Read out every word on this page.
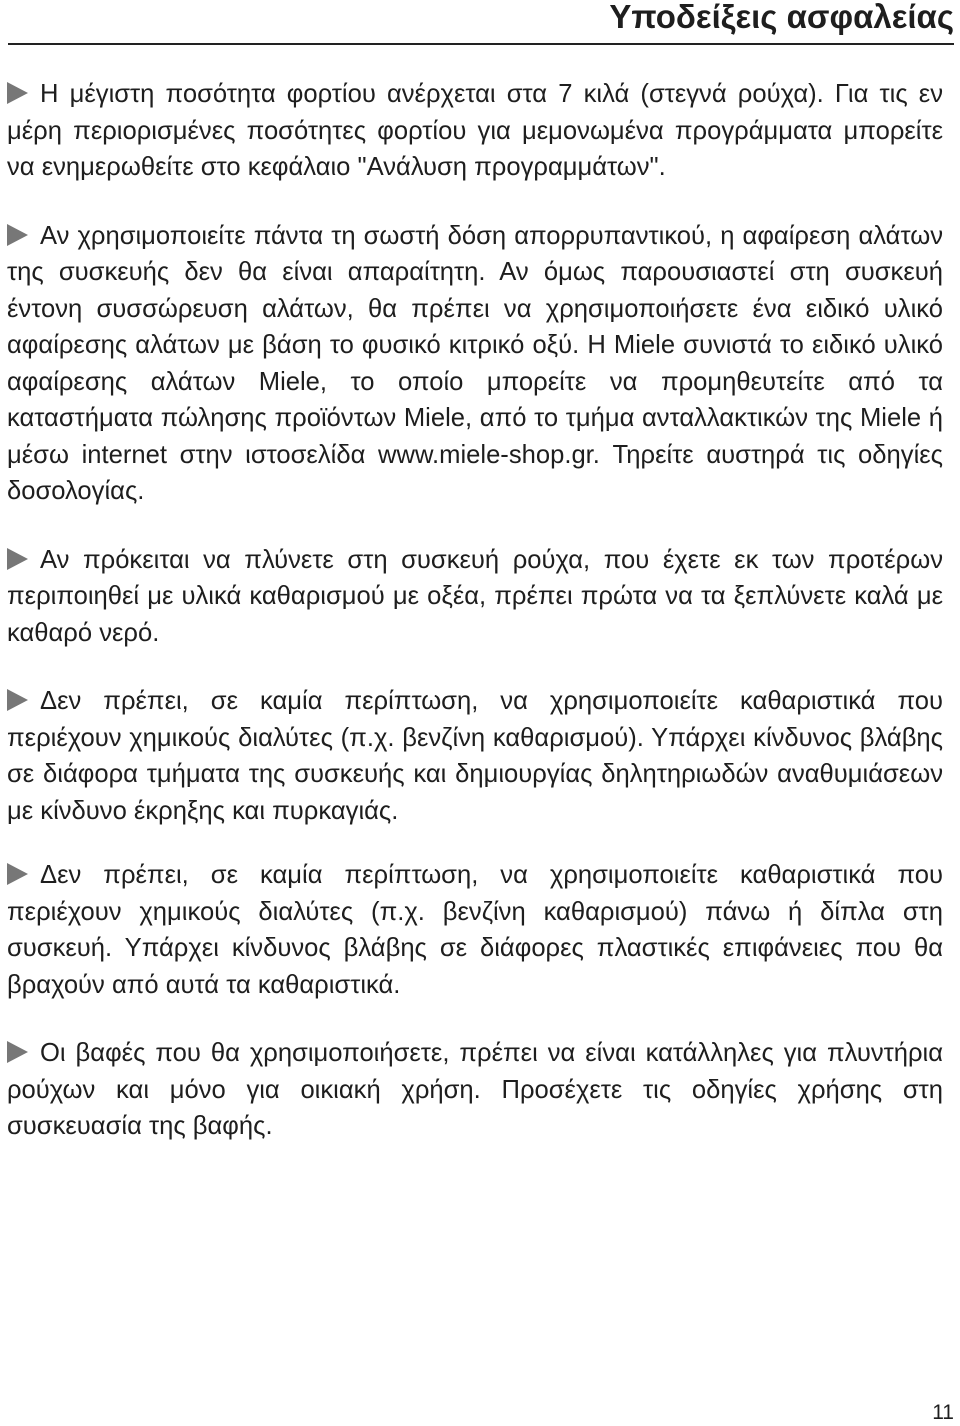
Υποδείξεις ασφαλείας

Η μέγιστη ποσότητα φορτίου ανέρχεται στα 7 κιλά (στεγνά ρούχα). Για τις εν μέρη περιορισμένες ποσότητες φορτίου για μεμονωμένα προγράμματα μπορείτε να ενημερωθείτε στο κεφάλαιο "Ανάλυση προγραμμάτων".

Αν χρησιμοποιείτε πάντα τη σωστή δόση απορρυπαντικού, η αφαίρεση αλάτων της συσκευής δεν θα είναι απαραίτητη. Αν όμως παρουσιαστεί στη συσκευή έντονη συσσώρευση αλάτων, θα πρέπει να χρησιμοποιήσετε ένα ειδικό υλικό αφαίρεσης αλάτων με βάση το φυσικό κιτρικό οξύ. Η Miele συνιστά το ειδικό υλικό αφαίρεσης αλάτων Miele, το οποίο μπορείτε να προμηθευτείτε από τα καταστήματα πώλησης προϊόντων Miele, από το τμήμα ανταλλακτικών της Miele ή μέσω internet στην ιστοσελίδα www.miele-shop.gr. Τηρείτε αυστηρά τις οδηγίες δοσολογίας.

Αν πρόκειται να πλύνετε στη συσκευή ρούχα, που έχετε εκ των προτέρων περιποιηθεί με υλικά καθαρισμού με οξέα, πρέπει πρώτα να τα ξεπλύνετε καλά με καθαρό νερό.

Δεν πρέπει, σε καμία περίπτωση, να χρησιμοποιείτε καθαριστικά που περιέχουν χημικούς διαλύτες (π.χ. βενζίνη καθαρισμού). Υπάρχει κίνδυνος βλάβης σε διάφορα τμήματα της συσκευής και δημιουργίας δηλητηριωδών αναθυμιάσεων με κίνδυνο έκρηξης και πυρκαγιάς.

Δεν πρέπει, σε καμία περίπτωση, να χρησιμοποιείτε καθαριστικά που περιέχουν χημικούς διαλύτες (π.χ. βενζίνη καθαρισμού) πάνω ή δίπλα στη συσκευή. Υπάρχει κίνδυνος βλάβης σε διάφορες πλαστικές επιφάνειες που θα βραχούν από αυτά τα καθαριστικά.

Οι βαφές που θα χρησιμοποιήσετε, πρέπει να είναι κατάλληλες για πλυντήρια ρούχων και μόνο για οικιακή χρήση. Προσέχετε τις οδηγίες χρήσης στη συσκευασία της βαφής.

11
